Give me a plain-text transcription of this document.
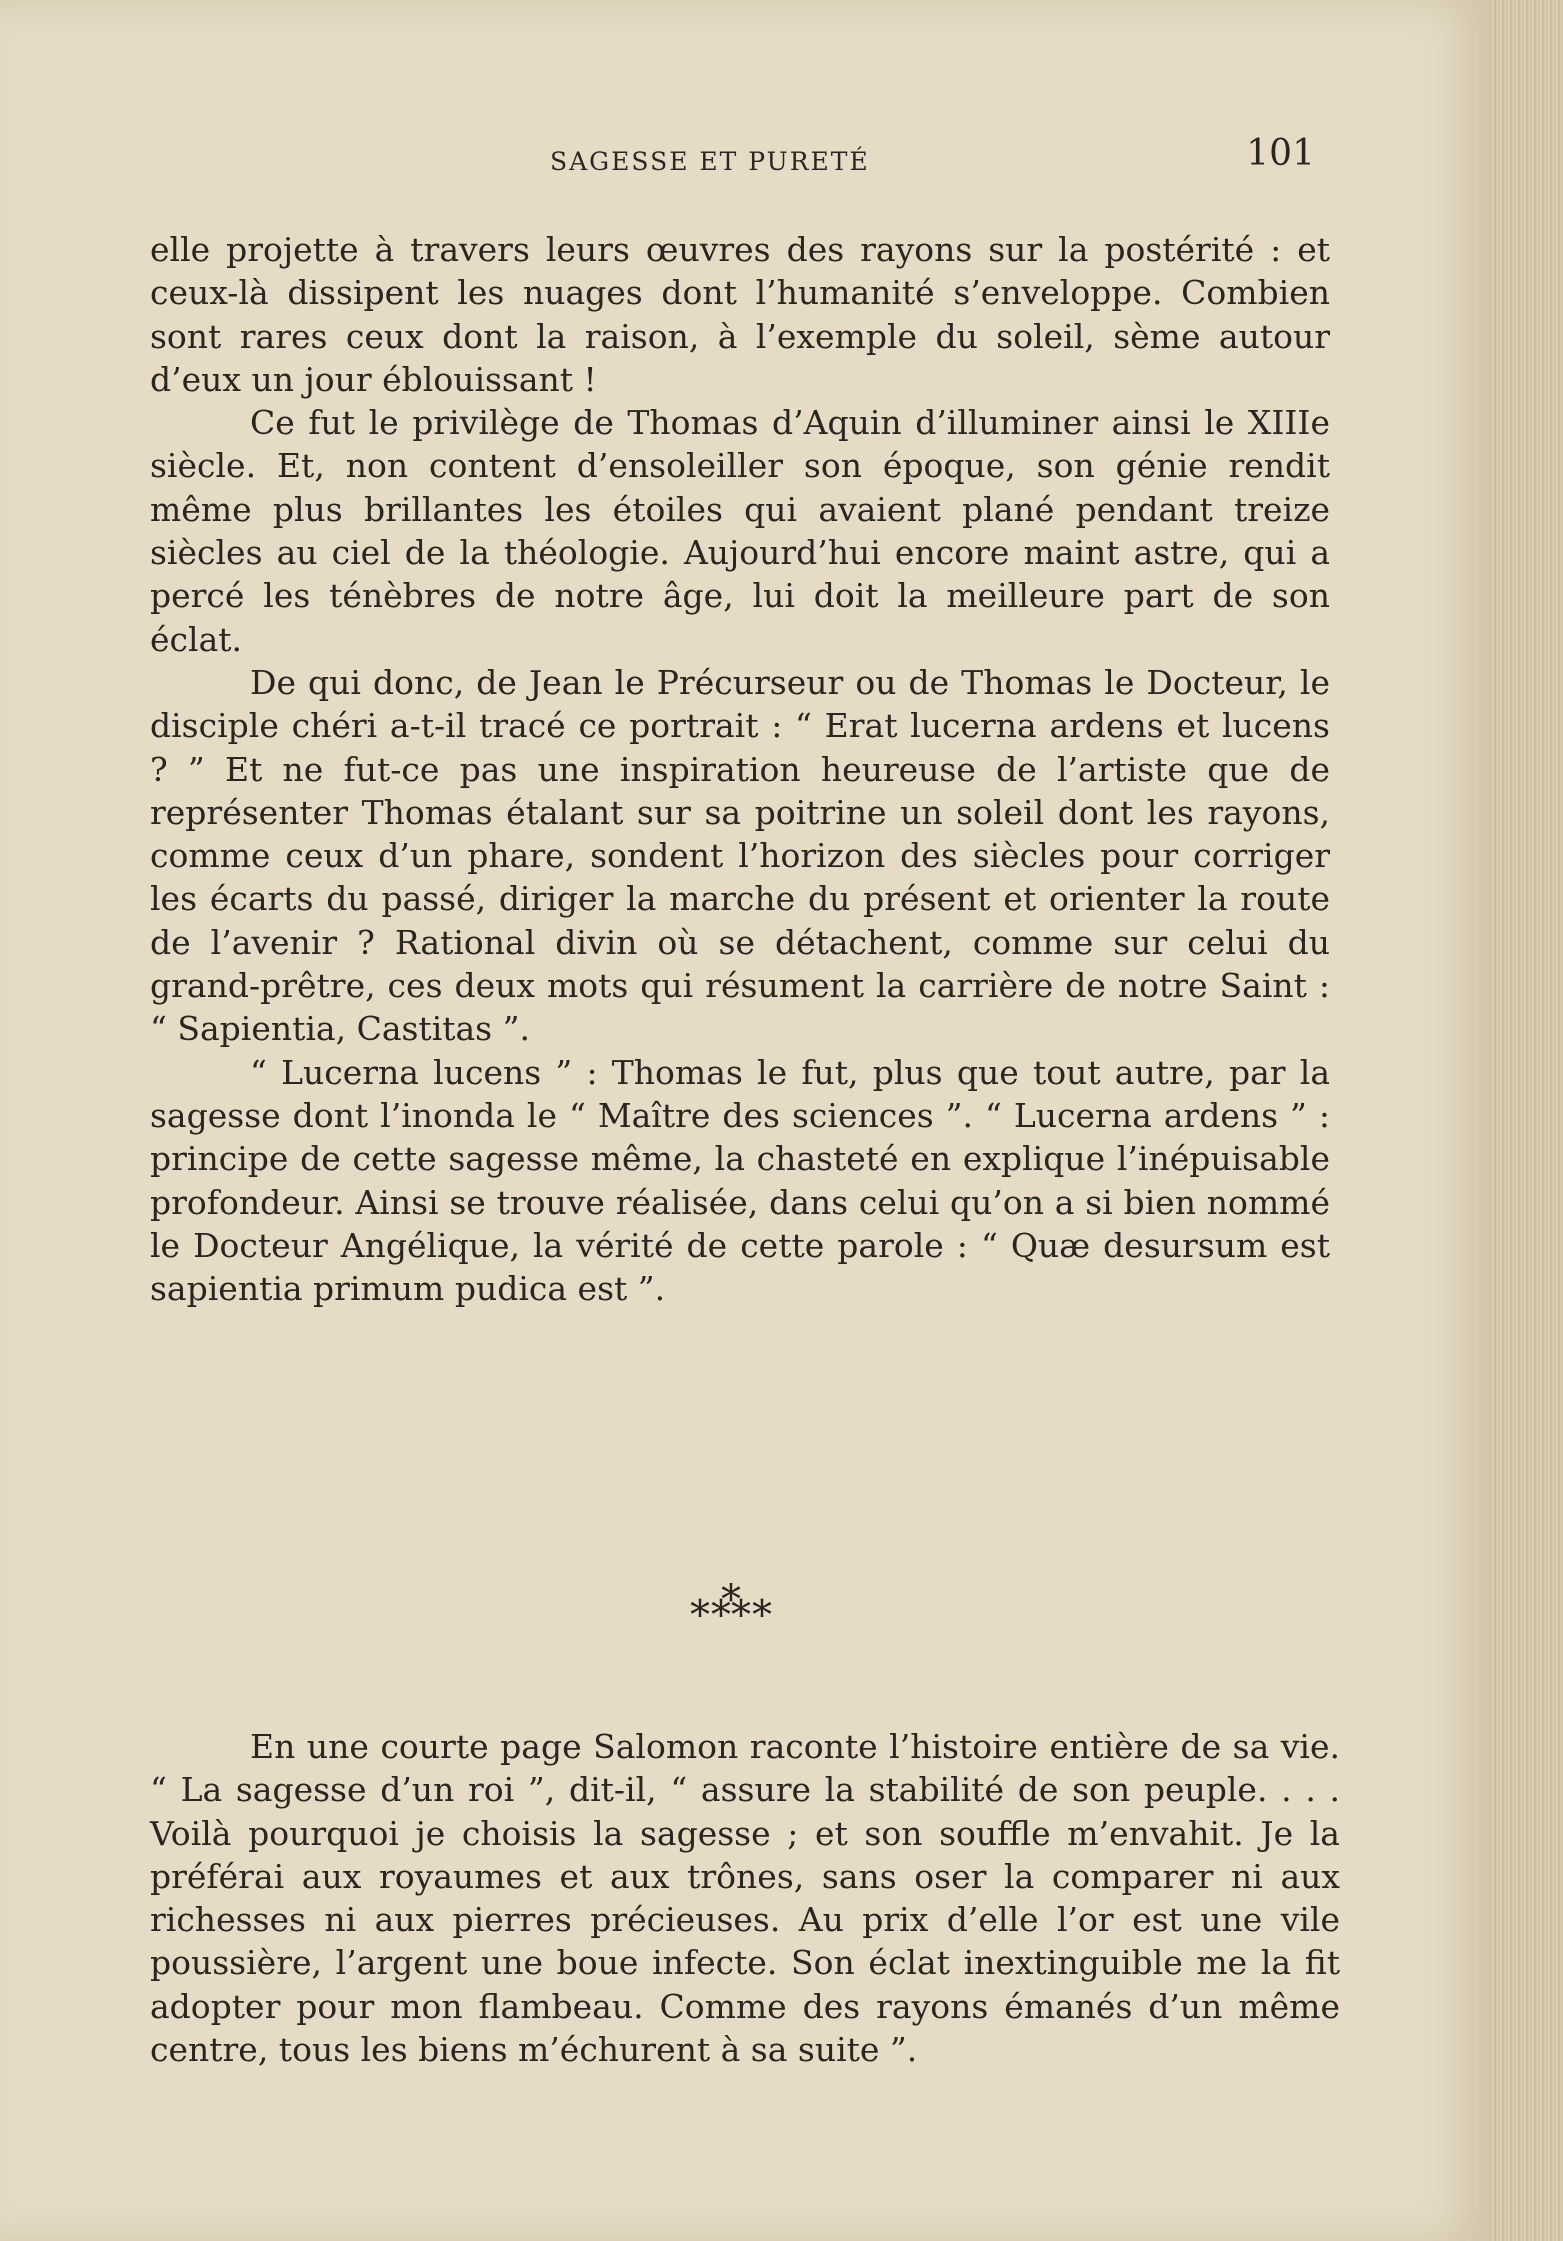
SAGESSE ET PURETÉ	101

elle projette à travers leurs œuvres des rayons sur la postérité : et ceux-là dissipent les nuages dont l’humanité s’enveloppe. Combien sont rares ceux dont la raison, à l’exemple du soleil, sème autour d’eux un jour éblouissant !

Ce fut le privilège de Thomas d’Aquin d’illuminer ainsi le XIIIe siècle. Et, non content d’ensoleiller son époque, son génie rendit même plus brillantes les étoiles qui avaient plané pendant treize siècles au ciel de la théologie. Aujourd’hui encore maint astre, qui a percé les ténèbres de notre âge, lui doit la meilleure part de son éclat.

De qui donc, de Jean le Précurseur ou de Thomas le Docteur, le disciple chéri a-t-il tracé ce portrait : “ Erat lucerna ardens et lucens ? ” Et ne fut-ce pas une inspiration heureuse de l’artiste que de représenter Thomas étalant sur sa poitrine un soleil dont les rayons, comme ceux d’un phare, sondent l’horizon des siècles pour corriger les écarts du passé, diriger la marche du présent et orienter la route de l’avenir ? Rational divin où se détachent, comme sur celui du grand-prêtre, ces deux mots qui résument la carrière de notre Saint : “ Sapientia, Castitas ”.

“ Lucerna lucens ” : Thomas le fut, plus que tout autre, par la sagesse dont l’inonda le “ Maître des sciences ”. “ Lucerna ardens ” : principe de cette sagesse même, la chasteté en explique l’inépuisable profondeur. Ainsi se trouve réalisée, dans celui qu’on a si bien nommé le Docteur Angélique, la vérité de cette parole : “ Quæ desursum est sapientia primum pudica est ”.

⁎⁂⁎

En une courte page Salomon raconte l’histoire entière de sa vie. “ La sagesse d’un roi ”, dit-il, “ assure la stabilité de son peuple. . . . Voilà pourquoi je choisis la sagesse ; et son souffle m’envahit. Je la préférai aux royaumes et aux trônes, sans oser la comparer ni aux richesses ni aux pierres précieuses. Au prix d’elle l’or est une vile poussière, l’argent une boue infecte. Son éclat inextinguible me la fit adopter pour mon flambeau. Comme des rayons émanés d’un même centre, tous les biens m’échurent à sa suite ”.
